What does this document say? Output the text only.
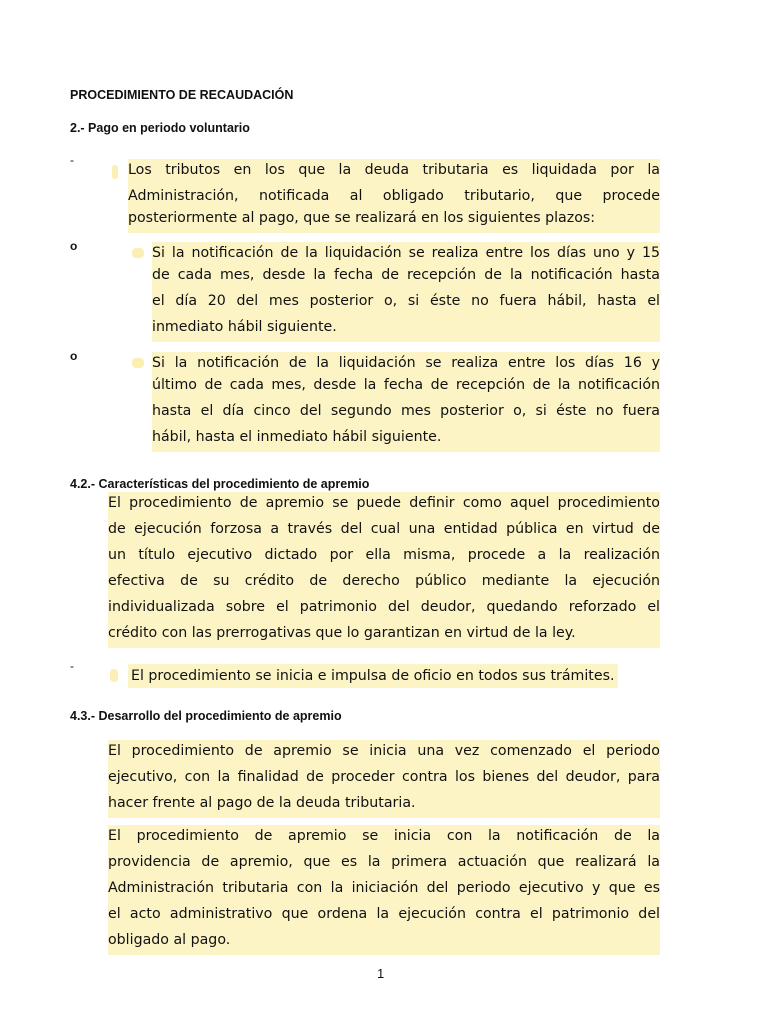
PROCEDIMIENTO DE RECAUDACIÓN
2.- Pago en periodo voluntario
-
Los tributos en los que la deuda tributaria es liquidada por la
Administración, notificada al obligado tributario, que procede
posteriormente al pago, que se realizará en los siguientes plazos:
o	Si la notificación de la liquidación se realiza entre los días uno y 15
de cada mes, desde la fecha de recepción de la notificación hasta
el día 20 del mes posterior o, si éste no fuera hábil, hasta el
inmediato hábil siguiente.
o	Si la notificación de la liquidación se realiza entre los días 16 y
último de cada mes, desde la fecha de recepción de la notificación
hasta el día cinco del segundo mes posterior o, si éste no fuera
hábil, hasta el inmediato hábil siguiente.
4.2.- Características del procedimiento de apremio
El procedimiento de apremio se puede definir como aquel procedimiento
de ejecución forzosa a través del cual una entidad pública en virtud de
un título ejecutivo dictado por ella misma, procede a la realización
efectiva de su crédito de derecho público mediante la ejecución
individualizada sobre el patrimonio del deudor, quedando reforzado el
crédito con las prerrogativas que lo garantizan en virtud de la ley.
-
El procedimiento se inicia e impulsa de oficio en todos sus trámites.
4.3.- Desarrollo del procedimiento de apremio
El procedimiento de apremio se inicia una vez comenzado el periodo
ejecutivo, con la finalidad de proceder contra los bienes del deudor, para
hacer frente al pago de la deuda tributaria.
El procedimiento de apremio se inicia con la notificación de la
providencia de apremio, que es la primera actuación que realizará la
Administración tributaria con la iniciación del periodo ejecutivo y que es
el acto administrativo que ordena la ejecución contra el patrimonio del
obligado al pago.
1
